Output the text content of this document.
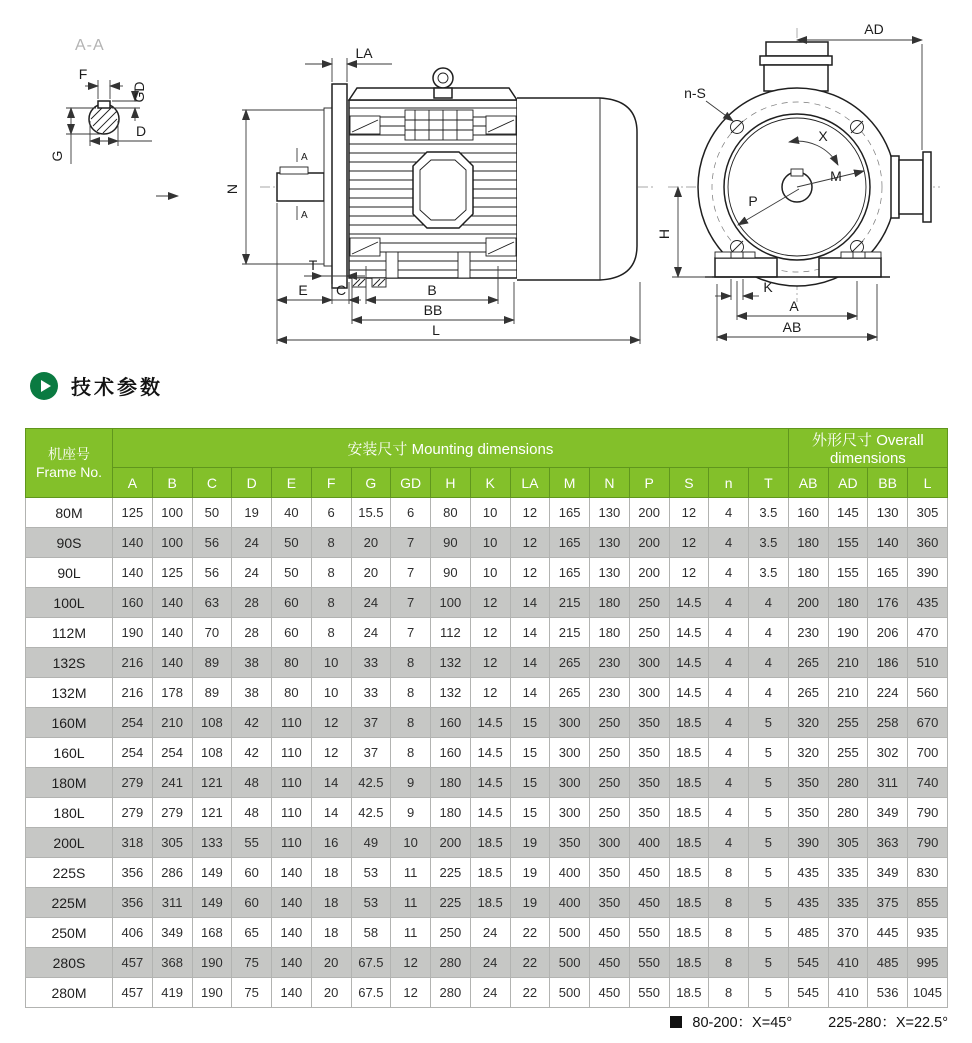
A-A
F
GD
D
G	A
A
LA
N
T
E C	B
BB
L
n-S
X
M
P
AD
H
K
A
AB
技术参数
机座号
Frame No.	安装尺寸 Mounting dimensions																	外形尺寸 Overall dimensions			
	A	B	C	D	E	F	G	GD	H	K	LA	M	N	P	S	n	T	AB	AD	BB	L
80M	125	100	50	19	40	6	15.5	6	80	10	12	165	130	200	12	4	3.5	160	145	130	305
90S	140	100	56	24	50	8	20	7	90	10	12	165	130	200	12	4	3.5	180	155	140	360
90L	140	125	56	24	50	8	20	7	90	10	12	165	130	200	12	4	3.5	180	155	165	390
100L	160	140	63	28	60	8	24	7	100	12	14	215	180	250	14.5	4	4	200	180	176	435
112M	190	140	70	28	60	8	24	7	112	12	14	215	180	250	14.5	4	4	230	190	206	470
132S	216	140	89	38	80	10	33	8	132	12	14	265	230	300	14.5	4	4	265	210	186	510
132M	216	178	89	38	80	10	33	8	132	12	14	265	230	300	14.5	4	4	265	210	224	560
160M	254	210	108	42	110	12	37	8	160	14.5	15	300	250	350	18.5	4	5	320	255	258	670
160L	254	254	108	42	110	12	37	8	160	14.5	15	300	250	350	18.5	4	5	320	255	302	700
180M	279	241	121	48	110	14	42.5	9	180	14.5	15	300	250	350	18.5	4	5	350	280	311	740
180L	279	279	121	48	110	14	42.5	9	180	14.5	15	300	250	350	18.5	4	5	350	280	349	790
200L	318	305	133	55	110	16	49	10	200	18.5	19	350	300	400	18.5	4	5	390	305	363	790
225S	356	286	149	60	140	18	53	11	225	18.5	19	400	350	450	18.5	8	5	435	335	349	830
225M	356	311	149	60	140	18	53	11	225	18.5	19	400	350	450	18.5	8	5	435	335	375	855
250M	406	349	168	65	140	18	58	11	250	24	22	500	450	550	18.5	8	5	485	370	445	935
280S	457	368	190	75	140	20	67.5	12	280	24	22	500	450	550	18.5	8	5	545	410	485	995
280M	457	419	190	75	140	20	67.5	12	280	24	22	500	450	550	18.5	8	5	545	410	536	1045
80-200：X=45° 225-280：X=22.5°
